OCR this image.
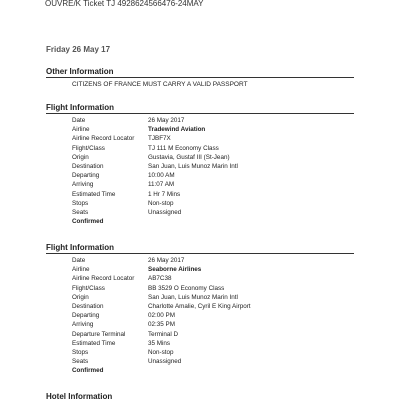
OUVRE/K Ticket TJ 4928624566476-24MAY
Friday 26 May 17
Other Information
CITIZENS OF FRANCE MUST CARRY A VALID PASSPORT
Flight Information
Date	26 May 2017
Airline	Tradewind Aviation
Airline Record Locator	TJBF7X
Flight/Class	TJ 111 M Economy Class
Origin	Gustavia, Gustaf III (St-Jean)
Destination	San Juan, Luis Munoz Marin Intl
Departing	10:00 AM
Arriving	11:07 AM
Estimated Time	1 Hr 7 Mins
Stops	Non-stop
Seats	Unassigned
Confirmed
Flight Information
Date	26 May 2017
Airline	Seaborne Airlines
Airline Record Locator	AB7C38
Flight/Class	BB 3529 O Economy Class
Origin	San Juan, Luis Munoz Marin Intl
Destination	Charlotte Amalie, Cyril E King Airport
Departing	02:00 PM
Arriving	02:35 PM
Departure Terminal	Terminal D
Estimated Time	35 Mins
Stops	Non-stop
Seats	Unassigned
Confirmed
Hotel Information
